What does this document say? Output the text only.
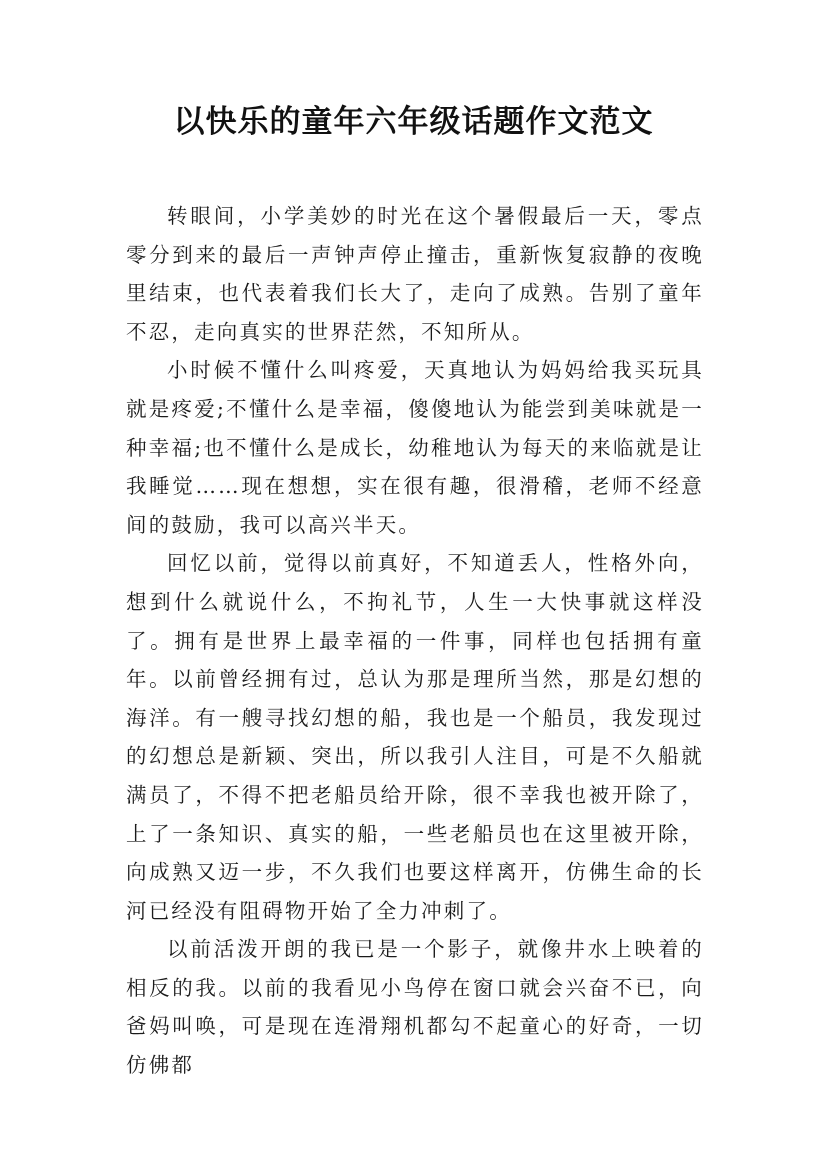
以快乐的童年六年级话题作文范文

转眼间，小学美妙的时光在这个暑假最后一天，零点零分到来的最后一声钟声停止撞击，重新恢复寂静的夜晚里结束，也代表着我们长大了，走向了成熟。告别了童年不忍，走向真实的世界茫然，不知所从。

小时候不懂什么叫疼爱，天真地认为妈妈给我买玩具就是疼爱;不懂什么是幸福，傻傻地认为能尝到美味就是一种幸福;也不懂什么是成长，幼稚地认为每天的来临就是让我睡觉……现在想想，实在很有趣，很滑稽，老师不经意间的鼓励，我可以高兴半天。

回忆以前，觉得以前真好，不知道丢人，性格外向，想到什么就说什么，不拘礼节，人生一大快事就这样没了。拥有是世界上最幸福的一件事，同样也包括拥有童年。以前曾经拥有过，总认为那是理所当然，那是幻想的海洋。有一艘寻找幻想的船，我也是一个船员，我发现过的幻想总是新颖、突出，所以我引人注目，可是不久船就满员了，不得不把老船员给开除，很不幸我也被开除了，上了一条知识、真实的船，一些老船员也在这里被开除，向成熟又迈一步，不久我们也要这样离开，仿佛生命的长河已经没有阻碍物开始了全力冲刺了。

以前活泼开朗的我已是一个影子，就像井水上映着的相反的我。以前的我看见小鸟停在窗口就会兴奋不已，向爸妈叫唤，可是现在连滑翔机都勾不起童心的好奇，一切仿佛都
